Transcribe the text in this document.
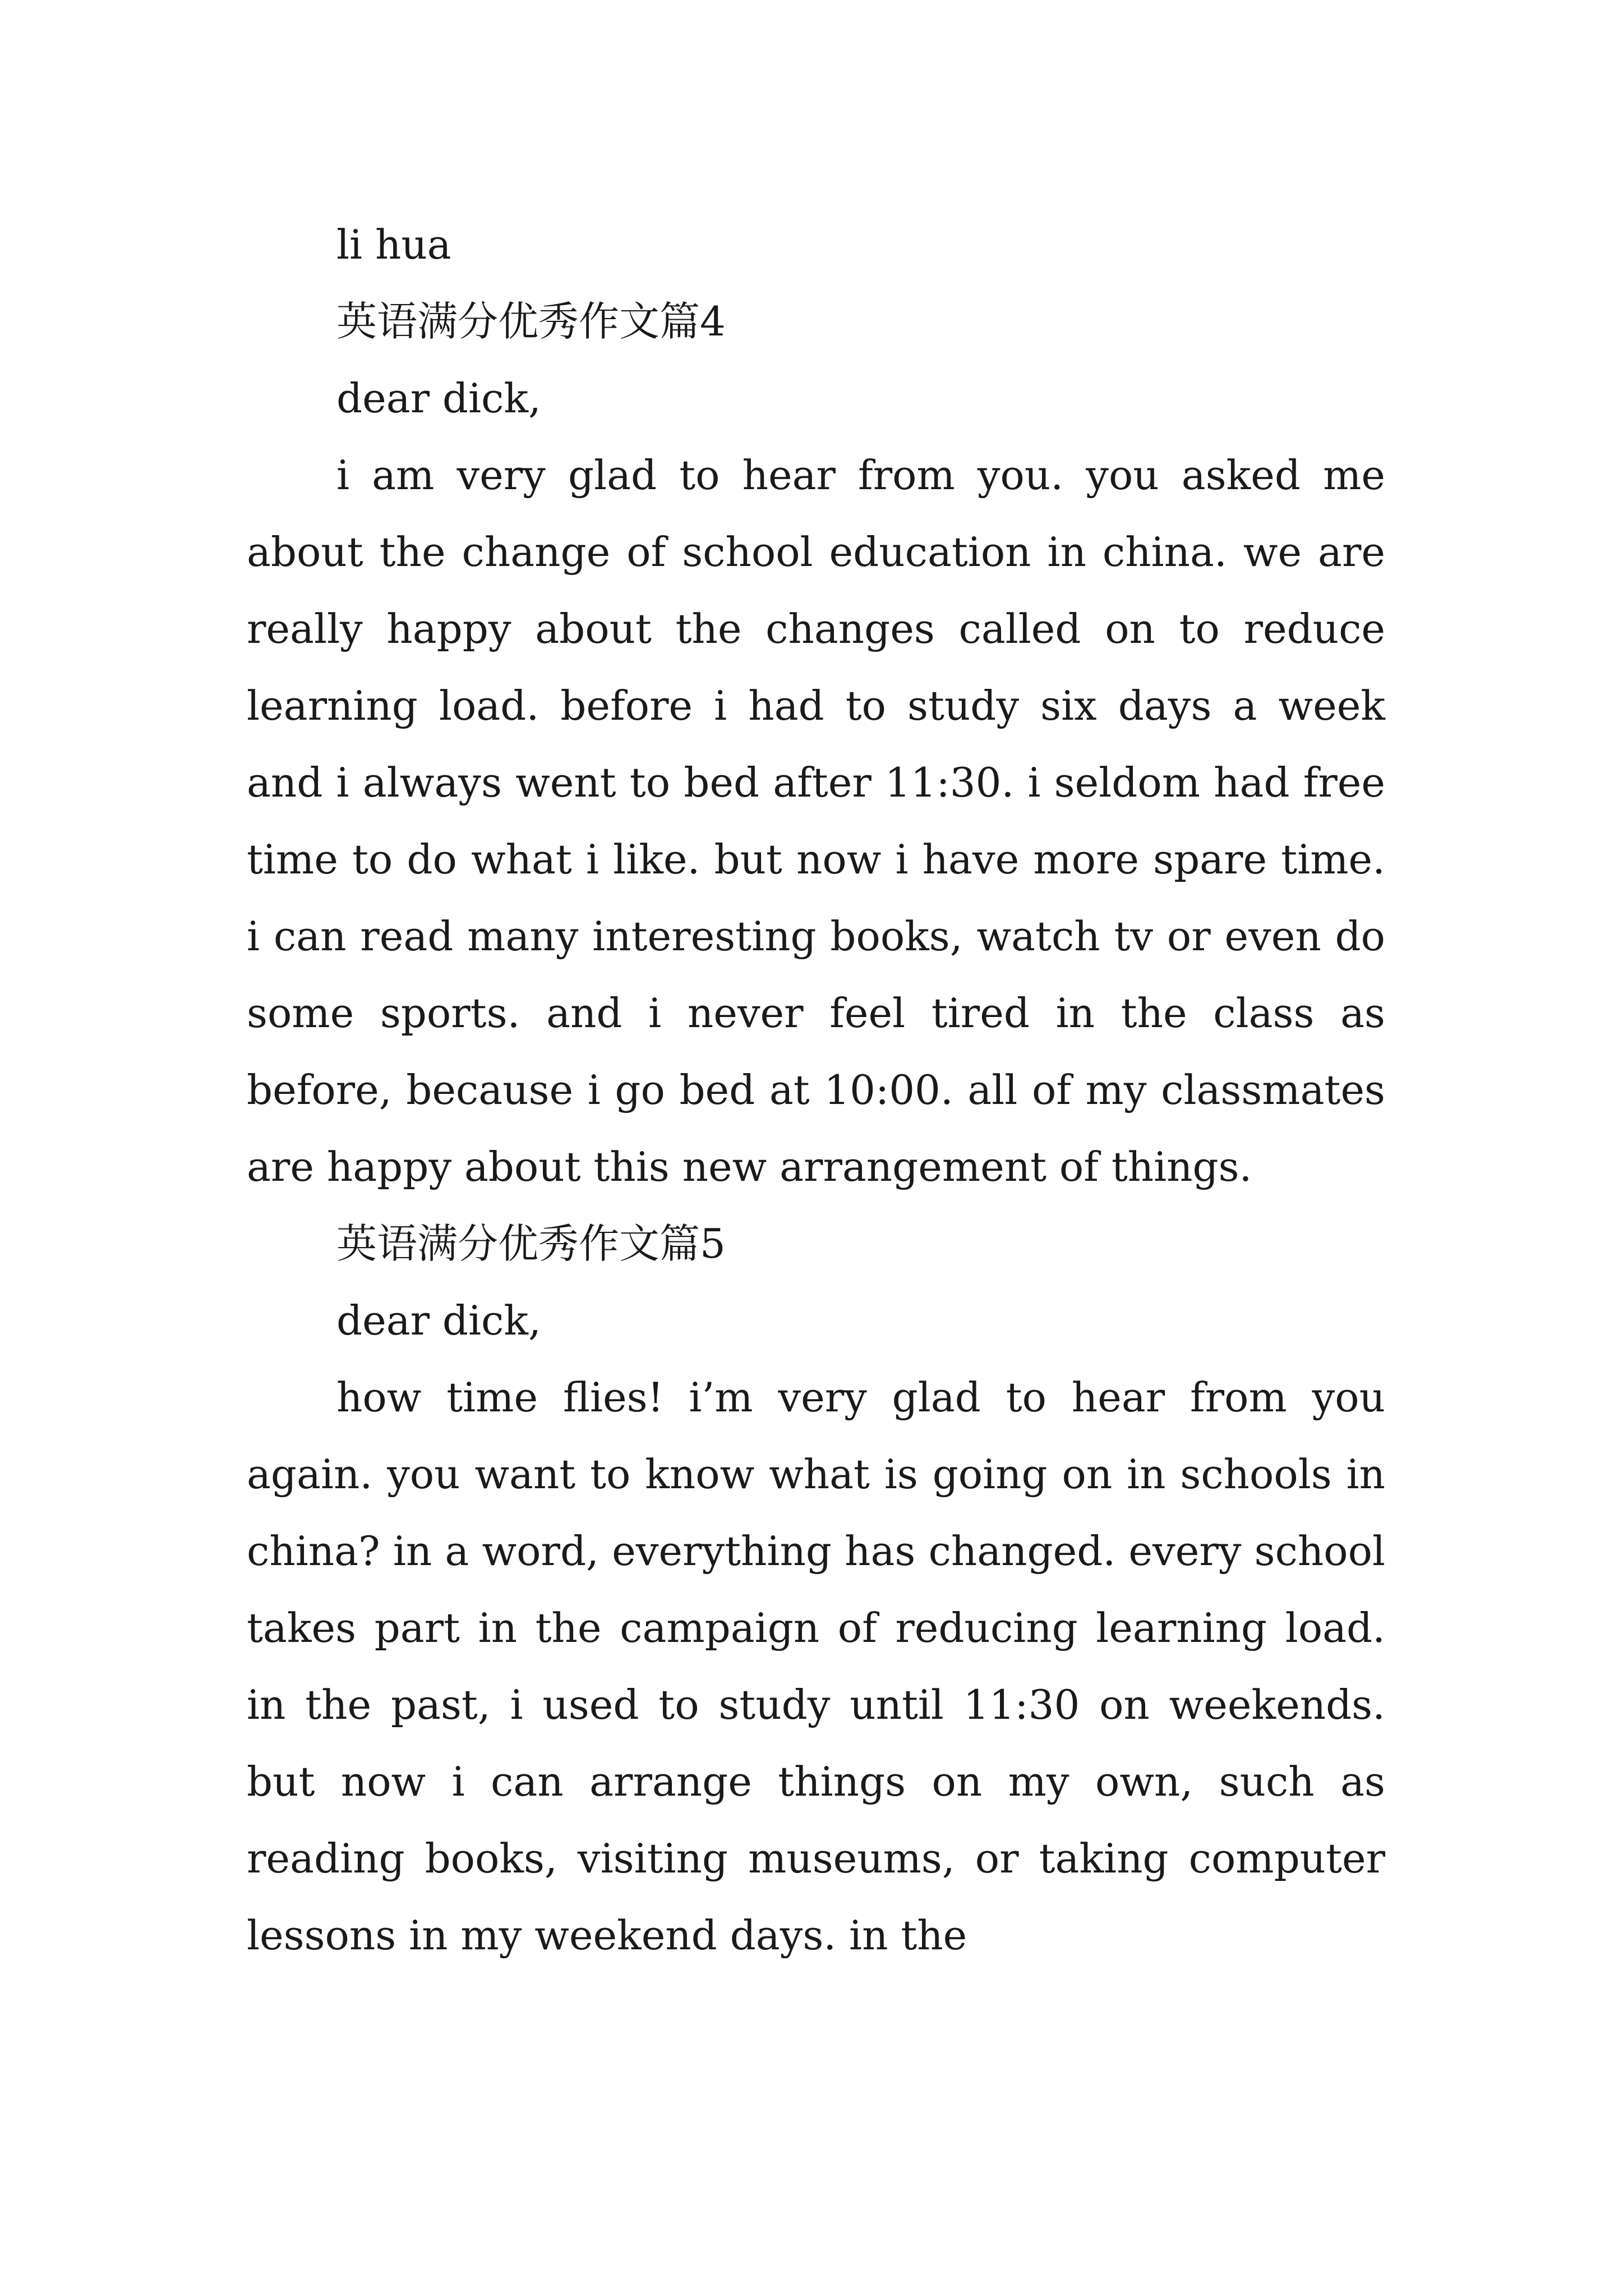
li hua

英语满分优秀作文篇4

dear dick,

i am very glad to hear from you. you asked me about the change of school education in china. we are really happy about the changes called on to reduce learning load. before i had to study six days a week and i always went to bed after 11:30. i seldom had free time to do what i like. but now i have more spare time. i can read many interesting books, watch tv or even do some sports. and i never feel tired in the class as before, because i go bed at 10:00. all of my classmates are happy about this new arrangement of things.

英语满分优秀作文篇5

dear dick,

how time flies! i’m very glad to hear from you again. you want to know what is going on in schools in china? in a word, everything has changed. every school takes part in the campaign of reducing learning load. in the past, i used to study until 11:30 on weekends. but now i can arrange things on my own, such as reading books, visiting museums, or taking computer lessons in my weekend days. in the
